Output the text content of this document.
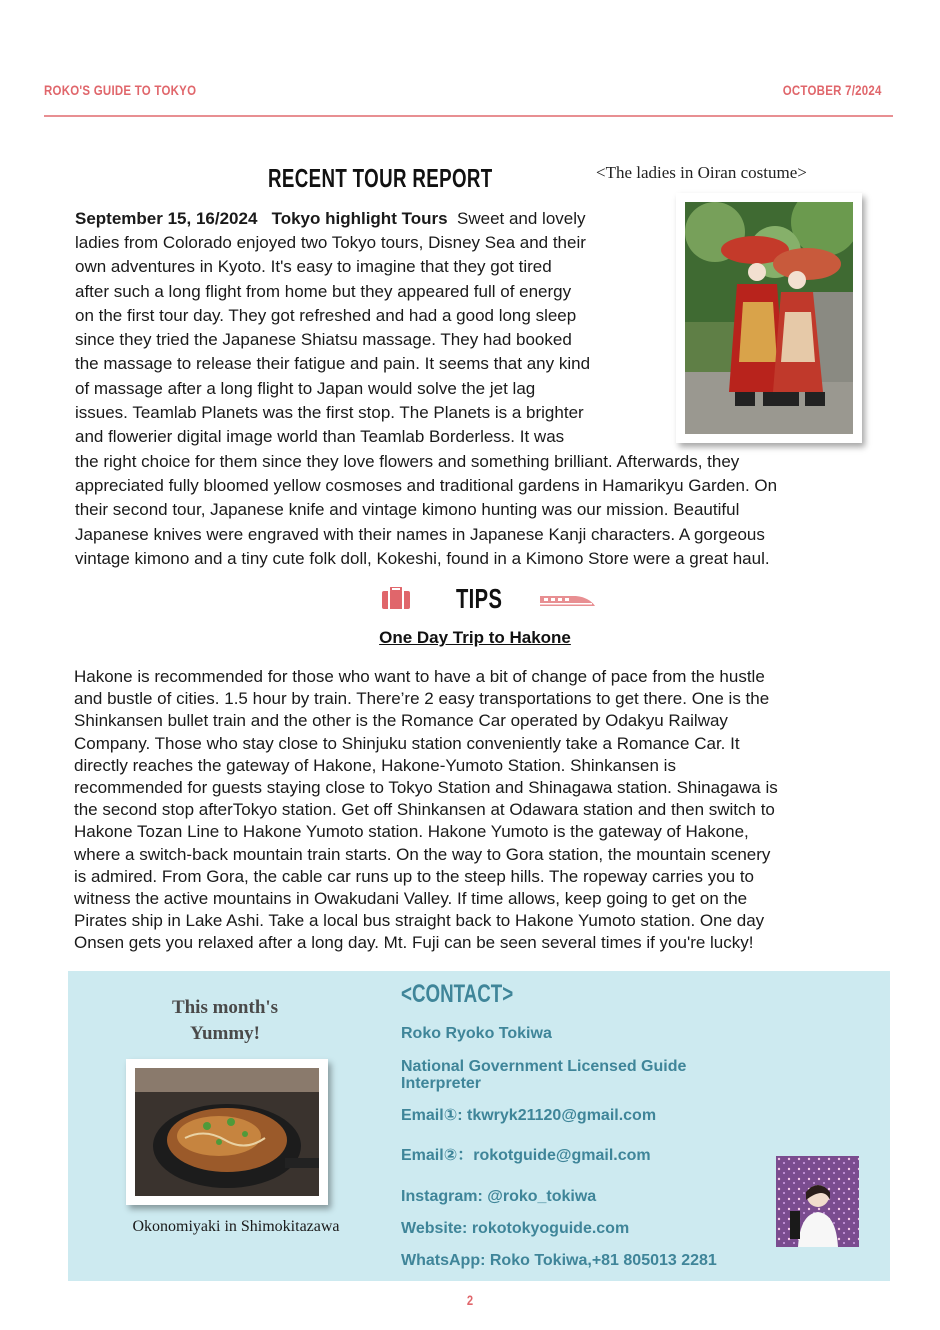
ROKO'S GUIDE TO TOKYO	OCTOBER 7/2024
RECENT TOUR REPORT	<The ladies in Oiran costume>
September 15, 16/2024 Tokyo highlight Tours Sweet and lovely
ladies from Colorado enjoyed two Tokyo tours, Disney Sea and their
own adventures in Kyoto. It's easy to imagine that they got tired
after such a long flight from home but they appeared full of energy
on the first tour day. They got refreshed and had a good long sleep
since they tried the Japanese Shiatsu massage. They had booked
the massage to release their fatigue and pain. It seems that any kind
of massage after a long flight to Japan would solve the jet lag
issues. Teamlab Planets was the first stop. The Planets is a brighter
and flowerier digital image world than Teamlab Borderless. It was
the right choice for them since they love flowers and something brilliant. Afterwards, they
appreciated fully bloomed yellow cosmoses and traditional gardens in Hamarikyu Garden. On
their second tour, Japanese knife and vintage kimono hunting was our mission. Beautiful
Japanese knives were engraved with their names in Japanese Kanji characters. A gorgeous
vintage kimono and a tiny cute folk doll, Kokeshi, found in a Kimono Store were a great haul.
TIPS
One Day Trip to Hakone
Hakone is recommended for those who want to have a bit of change of pace from the hustle
and bustle of cities. 1.5 hour by train. There’re 2 easy transportations to get there. One is the
Shinkansen bullet train and the other is the Romance Car operated by Odakyu Railway
Company. Those who stay close to Shinjuku station conveniently take a Romance Car. It
directly reaches the gateway of Hakone, Hakone-Yumoto Station. Shinkansen is
recommended for guests staying close to Tokyo Station and Shinagawa station. Shinagawa is
the second stop afterTokyo station. Get off Shinkansen at Odawara station and then switch to
Hakone Tozan Line to Hakone Yumoto station. Hakone Yumoto is the gateway of Hakone,
where a switch-back mountain train starts. On the way to Gora station, the mountain scenery
is admired. From Gora, the cable car runs up to the steep hills. The ropeway carries you to
witness the active mountains in Owakudani Valley. If time allows, keep going to get on the
Pirates ship in Lake Ashi. Take a local bus straight back to Hakone Yumoto station. One day
Onsen gets you relaxed after a long day. Mt. Fuji can be seen several times if you're lucky!
This month's
Yummy!
Okonomiyaki in Shimokitazawa
<CONTACT>
Roko Ryoko Tokiwa
National Government Licensed Guide
Interpreter
Email①: tkwryk21120@gmail.com
Email②：rokotguide@gmail.com
Instagram: @roko_tokiwa
Website: rokotokyoguide.com
WhatsApp: Roko Tokiwa,+81 805013 2281
2
